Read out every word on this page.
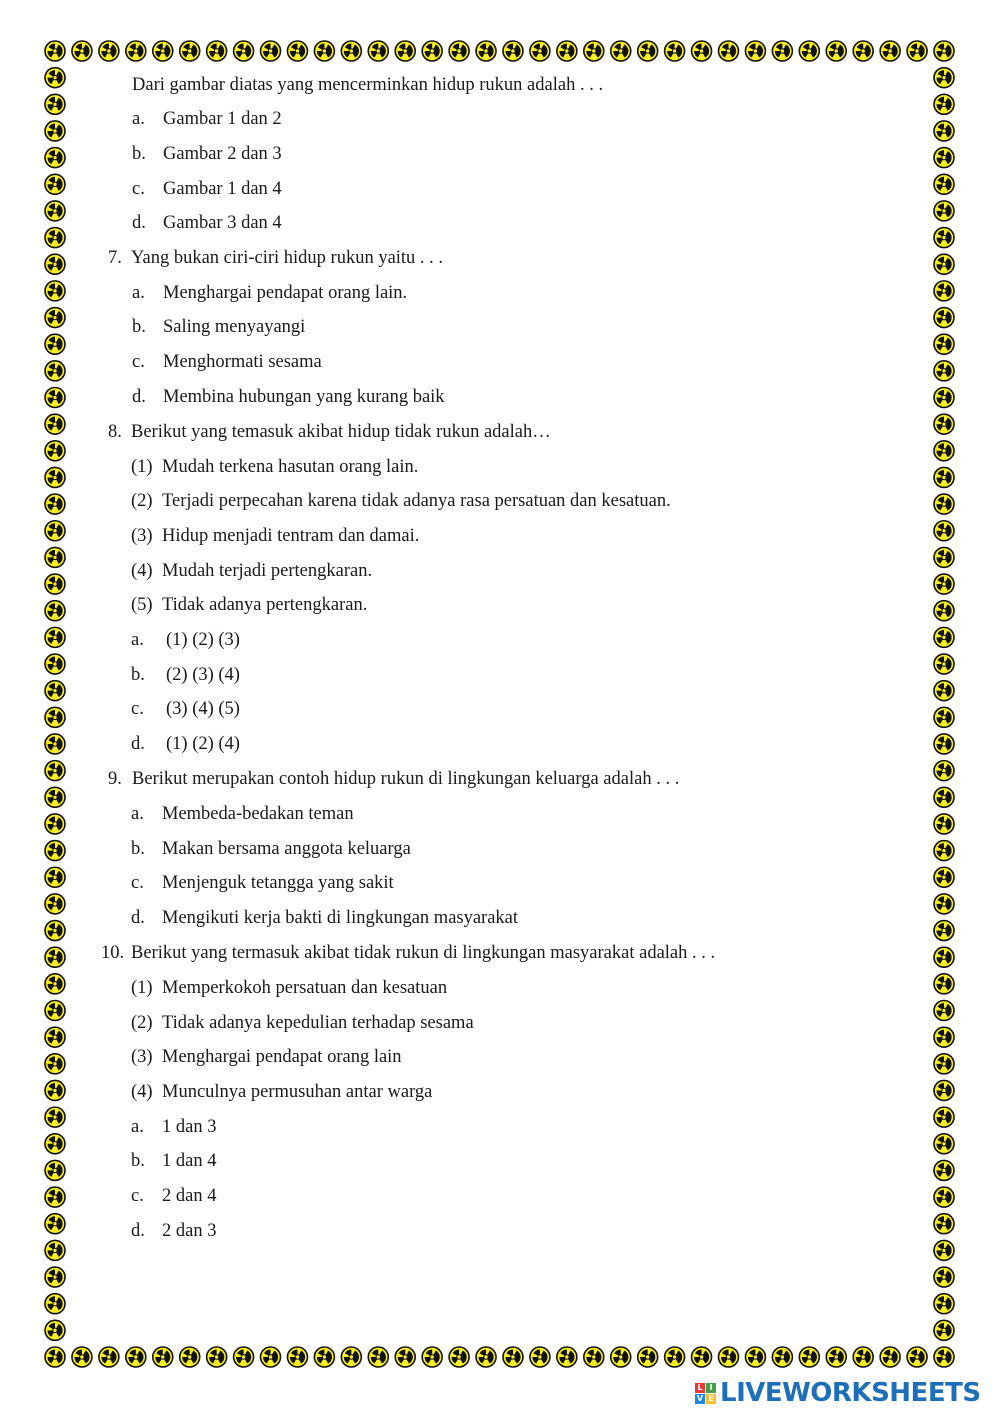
Dari gambar diatas yang mencerminkan hidup rukun adalah . . .
a. Gambar 1 dan 2
b. Gambar 2 dan 3
c. Gambar 1 dan 4
d. Gambar 3 dan 4
7. Yang bukan ciri-ciri hidup rukun yaitu . . .
a. Menghargai pendapat orang lain.
b. Saling menyayangi
c. Menghormati sesama
d. Membina hubungan yang kurang baik
8. Berikut yang temasuk akibat hidup tidak rukun adalah…
(1) Mudah terkena hasutan orang lain.
(2) Terjadi perpecahan karena tidak adanya rasa persatuan dan kesatuan.
(3) Hidup menjadi tentram dan damai.
(4) Mudah terjadi pertengkaran.
(5) Tidak adanya pertengkaran.
a. (1) (2) (3)
b. (2) (3) (4)
c. (3) (4) (5)
d. (1) (2) (4)
9. Berikut merupakan contoh hidup rukun di lingkungan keluarga adalah . . .
a. Membeda-bedakan teman
b. Makan bersama anggota keluarga
c. Menjenguk tetangga yang sakit
d. Mengikuti kerja bakti di lingkungan masyarakat
10. Berikut yang termasuk akibat tidak rukun di lingkungan masyarakat adalah . . .
(1) Memperkokoh persatuan dan kesatuan
(2) Tidak adanya kepedulian terhadap sesama
(3) Menghargai pendapat orang lain
(4) Munculnya permusuhan antar warga
a. 1 dan 3
b. 1 dan 4
c. 2 dan 4
d. 2 dan 3
L I
V E LIVEWORKSHEETS
